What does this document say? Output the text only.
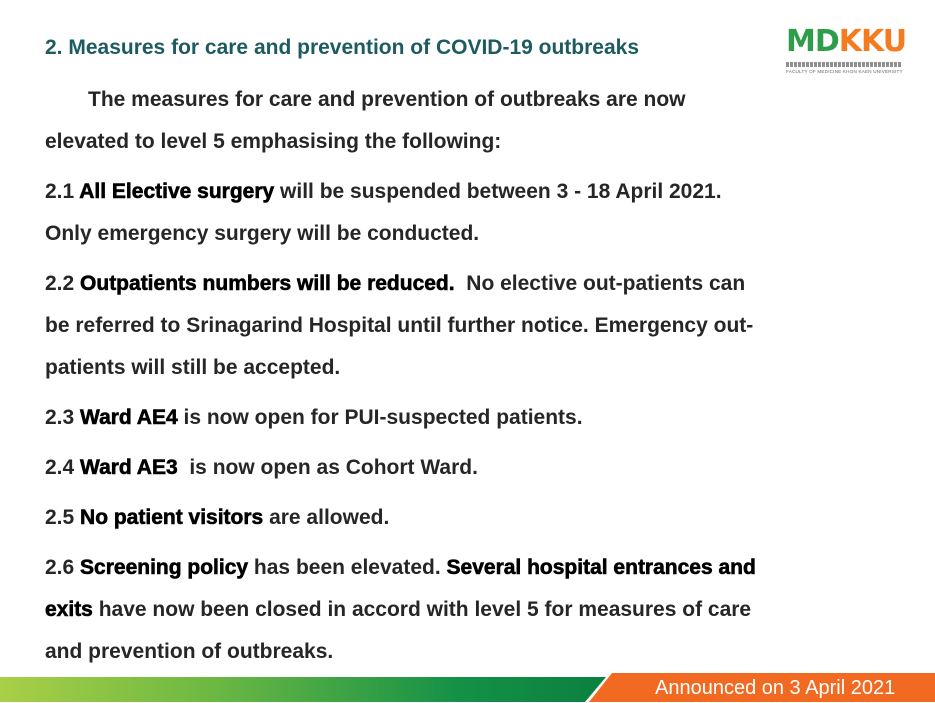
2. Measures for care and prevention of COVID-19 outbreaks	MDKKU
FACULTY OF MEDICINE KHON KAEN UNIVERSITY
The measures for care and prevention of outbreaks are now
elevated to level 5 emphasising the following:
2.1 All Elective surgery will be suspended between 3 - 18 April 2021.
Only emergency surgery will be conducted.
2.2 Outpatients numbers will be reduced.  No elective out-patients can
be referred to Srinagarind Hospital until further notice. Emergency out-
patients will still be accepted.
2.3 Ward AE4 is now open for PUI-suspected patients.
2.4 Ward AE3  is now open as Cohort Ward.
2.5 No patient visitors are allowed.
2.6 Screening policy has been elevated. Several hospital entrances and
exits have now been closed in accord with level 5 for measures of care
and prevention of outbreaks.
Announced on 3 April 2021
